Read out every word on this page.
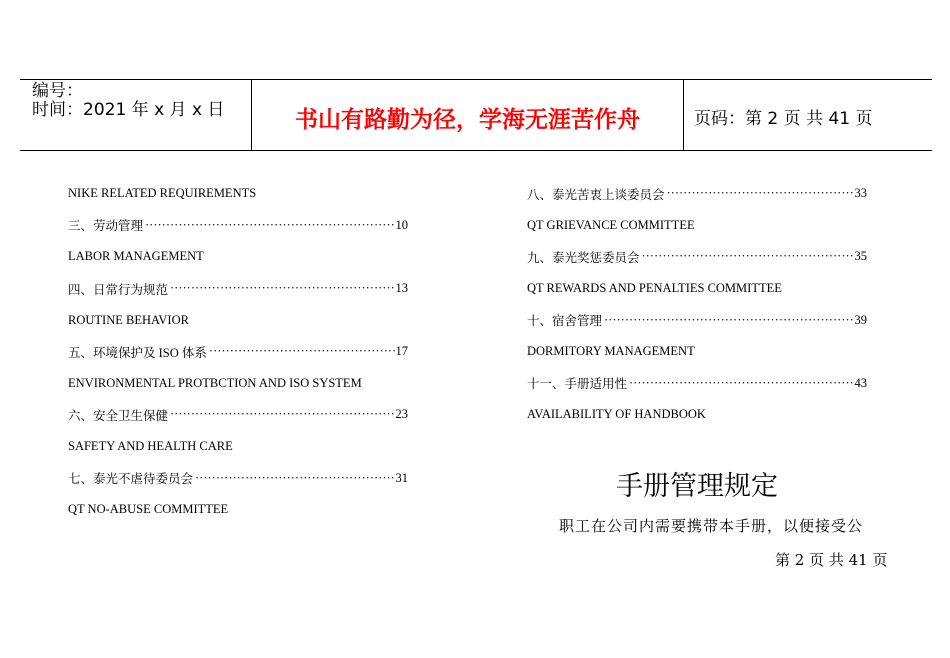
编号：
时间：2021 年 x 月 x 日	书山有路勤为径，学海无涯苦作舟	页码：第 2 页 共 41 页
NIKE RELATED REQUIREMENTS
三、劳动管理 ·····	10
LABOR MANAGEMENT
四、日常行为规范 ·····	13
ROUTINE BEHAVIOR
五、环境保护及 ISO 体系 ·····	17
ENVIRONMENTAL PROTBCTION AND ISO SYSTEM
六、安全卫生保健 ·····	23
SAFETY AND HEALTH CARE
七、泰光不虐待委员会 ·····	31
QT NO-ABUSE COMMITTEE
八、泰光苦衷上谈委员会 ·····	33
QT GRIEVANCE COMMITTEE
九、泰光奖惩委员会 ·····	35
QT REWARDS AND PENALTIES COMMITTEE
十、宿舍管理 ·····	39
DORMITORY MANAGEMENT
十一、手册适用性 ·····	43
AVAILABILITY OF HANDBOOK
手册管理规定
职工在公司内需要携带本手册，以便接受公
第 2 页 共 41 页
